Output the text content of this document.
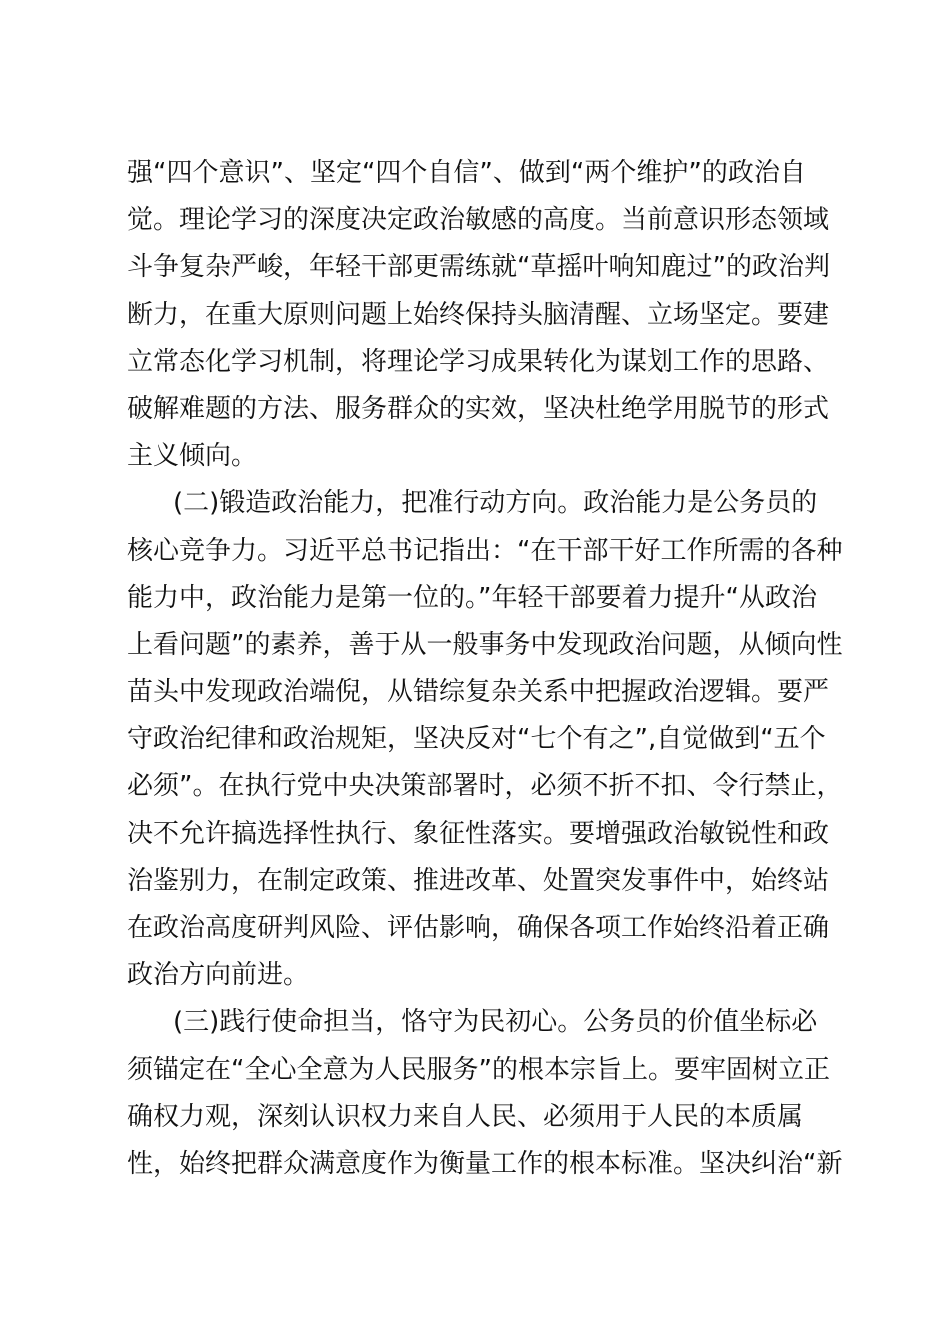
强“四个意识”、坚定“四个自信”、做到“两个维护”的政治自
觉。理论学习的深度决定政治敏感的高度。当前意识形态领域
斗争复杂严峻，年轻干部更需练就“草摇叶响知鹿过”的政治判
断力，在重大原则问题上始终保持头脑清醒、立场坚定。要建
立常态化学习机制，将理论学习成果转化为谋划工作的思路、
破解难题的方法、服务群众的实效，坚决杜绝学用脱节的形式
主义倾向。
(二)锻造政治能力，把准行动方向。政治能力是公务员的
核心竞争力。习近平总书记指出：“在干部干好工作所需的各种
能力中，政治能力是第一位的。”年轻干部要着力提升“从政治
上看问题”的素养，善于从一般事务中发现政治问题，从倾向性
苗头中发现政治端倪，从错综复杂关系中把握政治逻辑。要严
守政治纪律和政治规矩，坚决反对“七个有之”,自觉做到“五个
必须”。在执行党中央决策部署时，必须不折不扣、令行禁止，
决不允许搞选择性执行、象征性落实。要增强政治敏锐性和政
治鉴别力，在制定政策、推进改革、处置突发事件中，始终站
在政治高度研判风险、评估影响，确保各项工作始终沿着正确
政治方向前进。
(三)践行使命担当，恪守为民初心。公务员的价值坐标必
须锚定在“全心全意为人民服务”的根本宗旨上。要牢固树立正
确权力观，深刻认识权力来自人民、必须用于人民的本质属
性，始终把群众满意度作为衡量工作的根本标准。坚决纠治“新
